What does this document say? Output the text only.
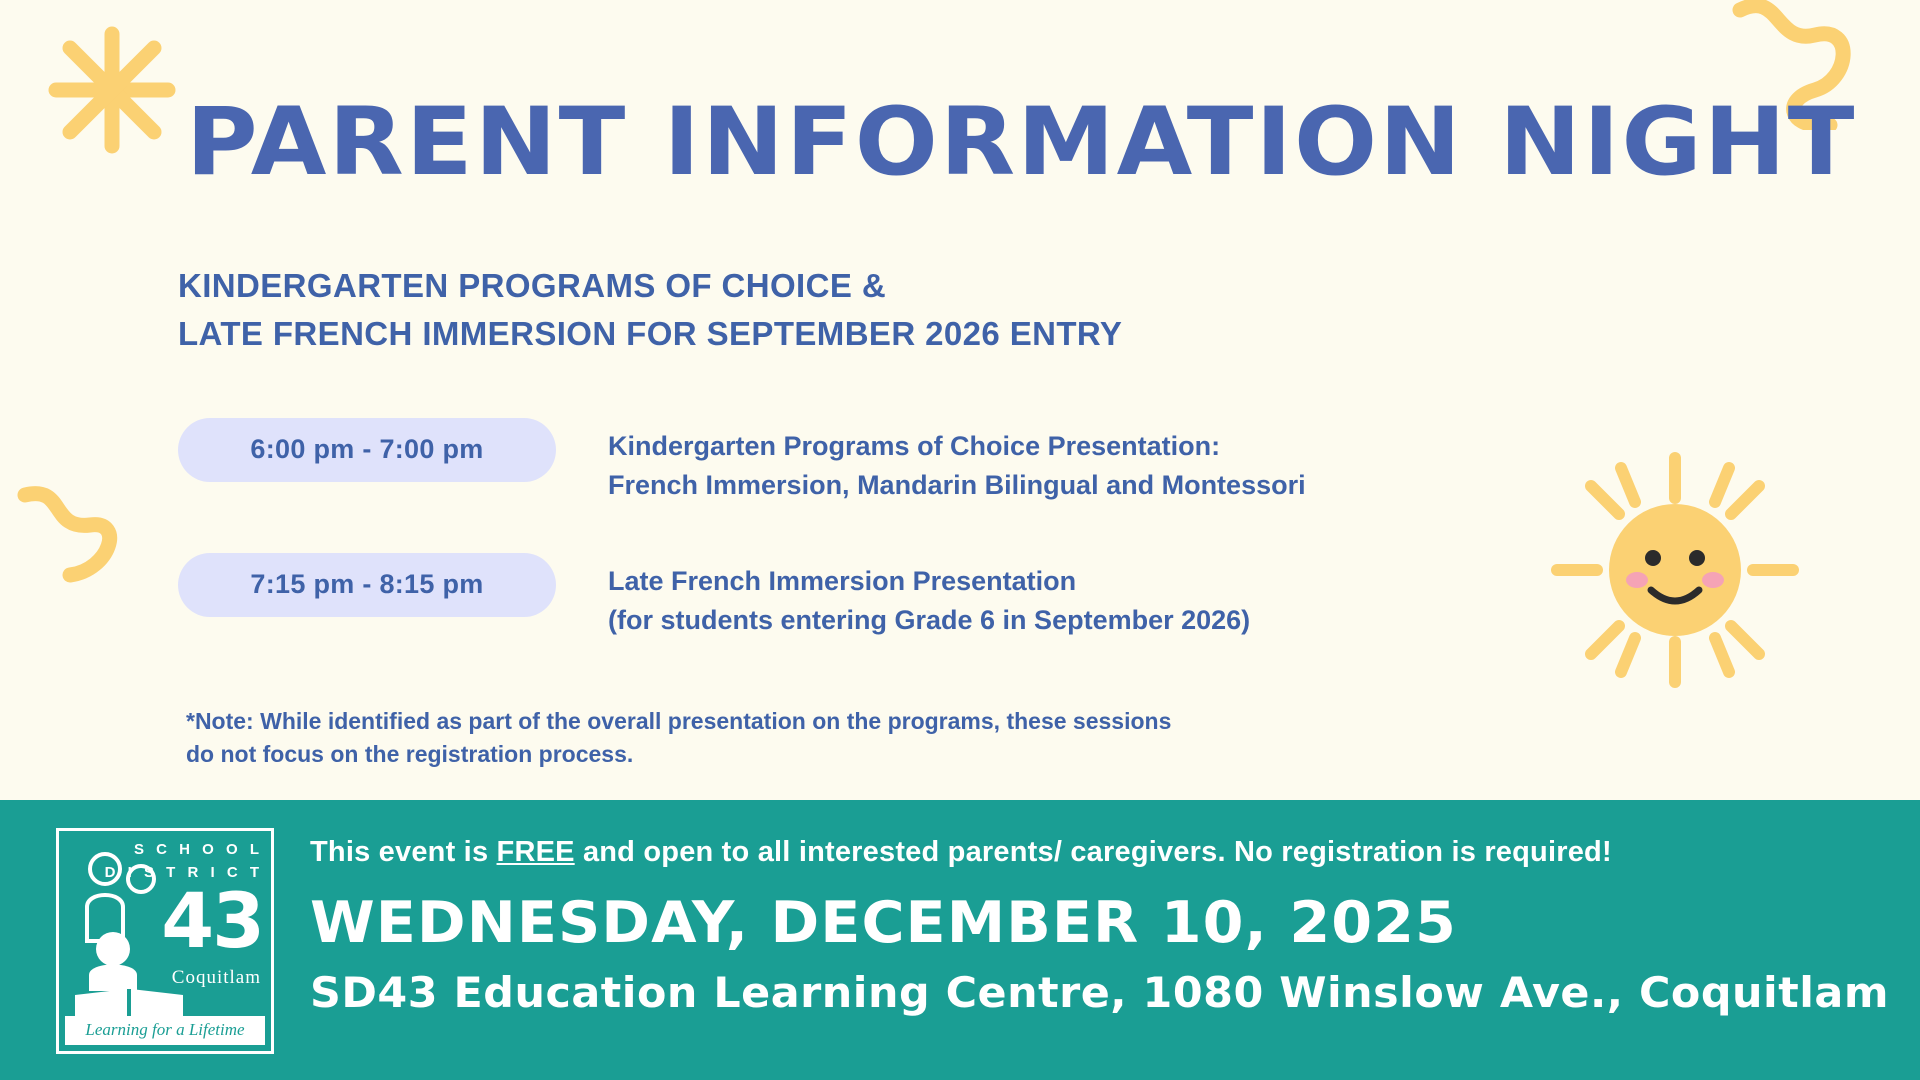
PARENT INFORMATION NIGHT
KINDERGARTEN PROGRAMS OF CHOICE &
LATE FRENCH IMMERSION FOR SEPTEMBER 2026 ENTRY
6:00 pm - 7:00 pm	Kindergarten Programs of Choice Presentation:
French Immersion, Mandarin Bilingual and Montessori
7:15 pm - 8:15 pm	Late French Immersion Presentation
(for students entering Grade 6 in September 2026)
*Note: While identified as part of the overall presentation on the programs, these sessions
do not focus on the registration process.
S C H O O L
D I S T R I C T
43
Coquitlam
Learning for a Lifetime
This event is FREE and open to all interested parents/ caregivers. No registration is required!
WEDNESDAY, DECEMBER 10, 2025
SD43 Education Learning Centre, 1080 Winslow Ave., Coquitlam
